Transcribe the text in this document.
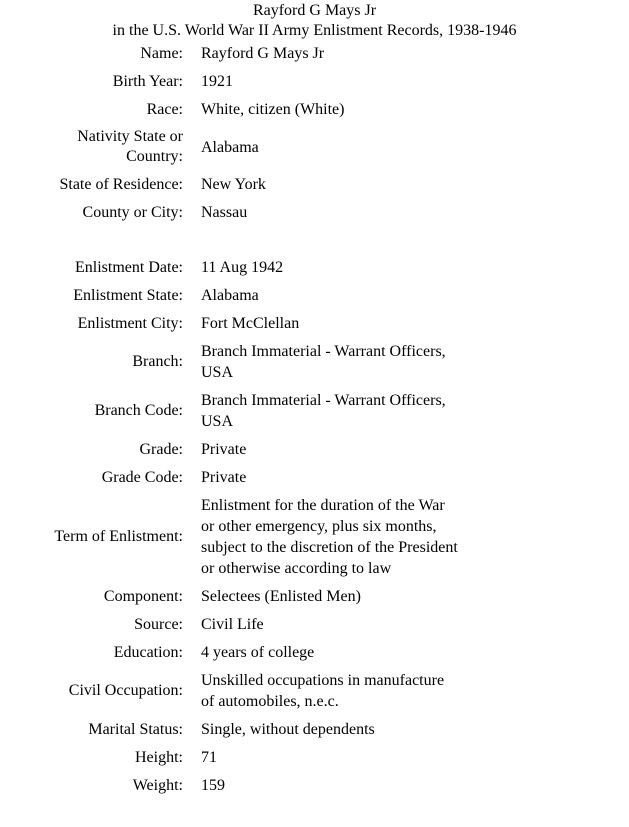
Rayford G Mays Jr
in the U.S. World War II Army Enlistment Records, 1938-1946
Name: Rayford G Mays Jr
Birth Year: 1921
Race: White, citizen (White)
Nativity State or
Country:
Alabama
State of Residence: New York
County or City: Nassau
Enlistment Date: 11 Aug 1942
Enlistment State: Alabama
Enlistment City: Fort McClellan
Branch:
Branch Immaterial - Warrant Officers,
USA
Branch Code:
Branch Immaterial - Warrant Officers,
USA
Grade: Private
Grade Code: Private
Term of Enlistment:
Enlistment for the duration of the War
or other emergency, plus six months,
subject to the discretion of the President
or otherwise according to law
Component: Selectees (Enlisted Men)
Source: Civil Life
Education: 4 years of college
Civil Occupation:
Unskilled occupations in manufacture
of automobiles, n.e.c.
Marital Status: Single, without dependents
Height: 71
Weight: 159
